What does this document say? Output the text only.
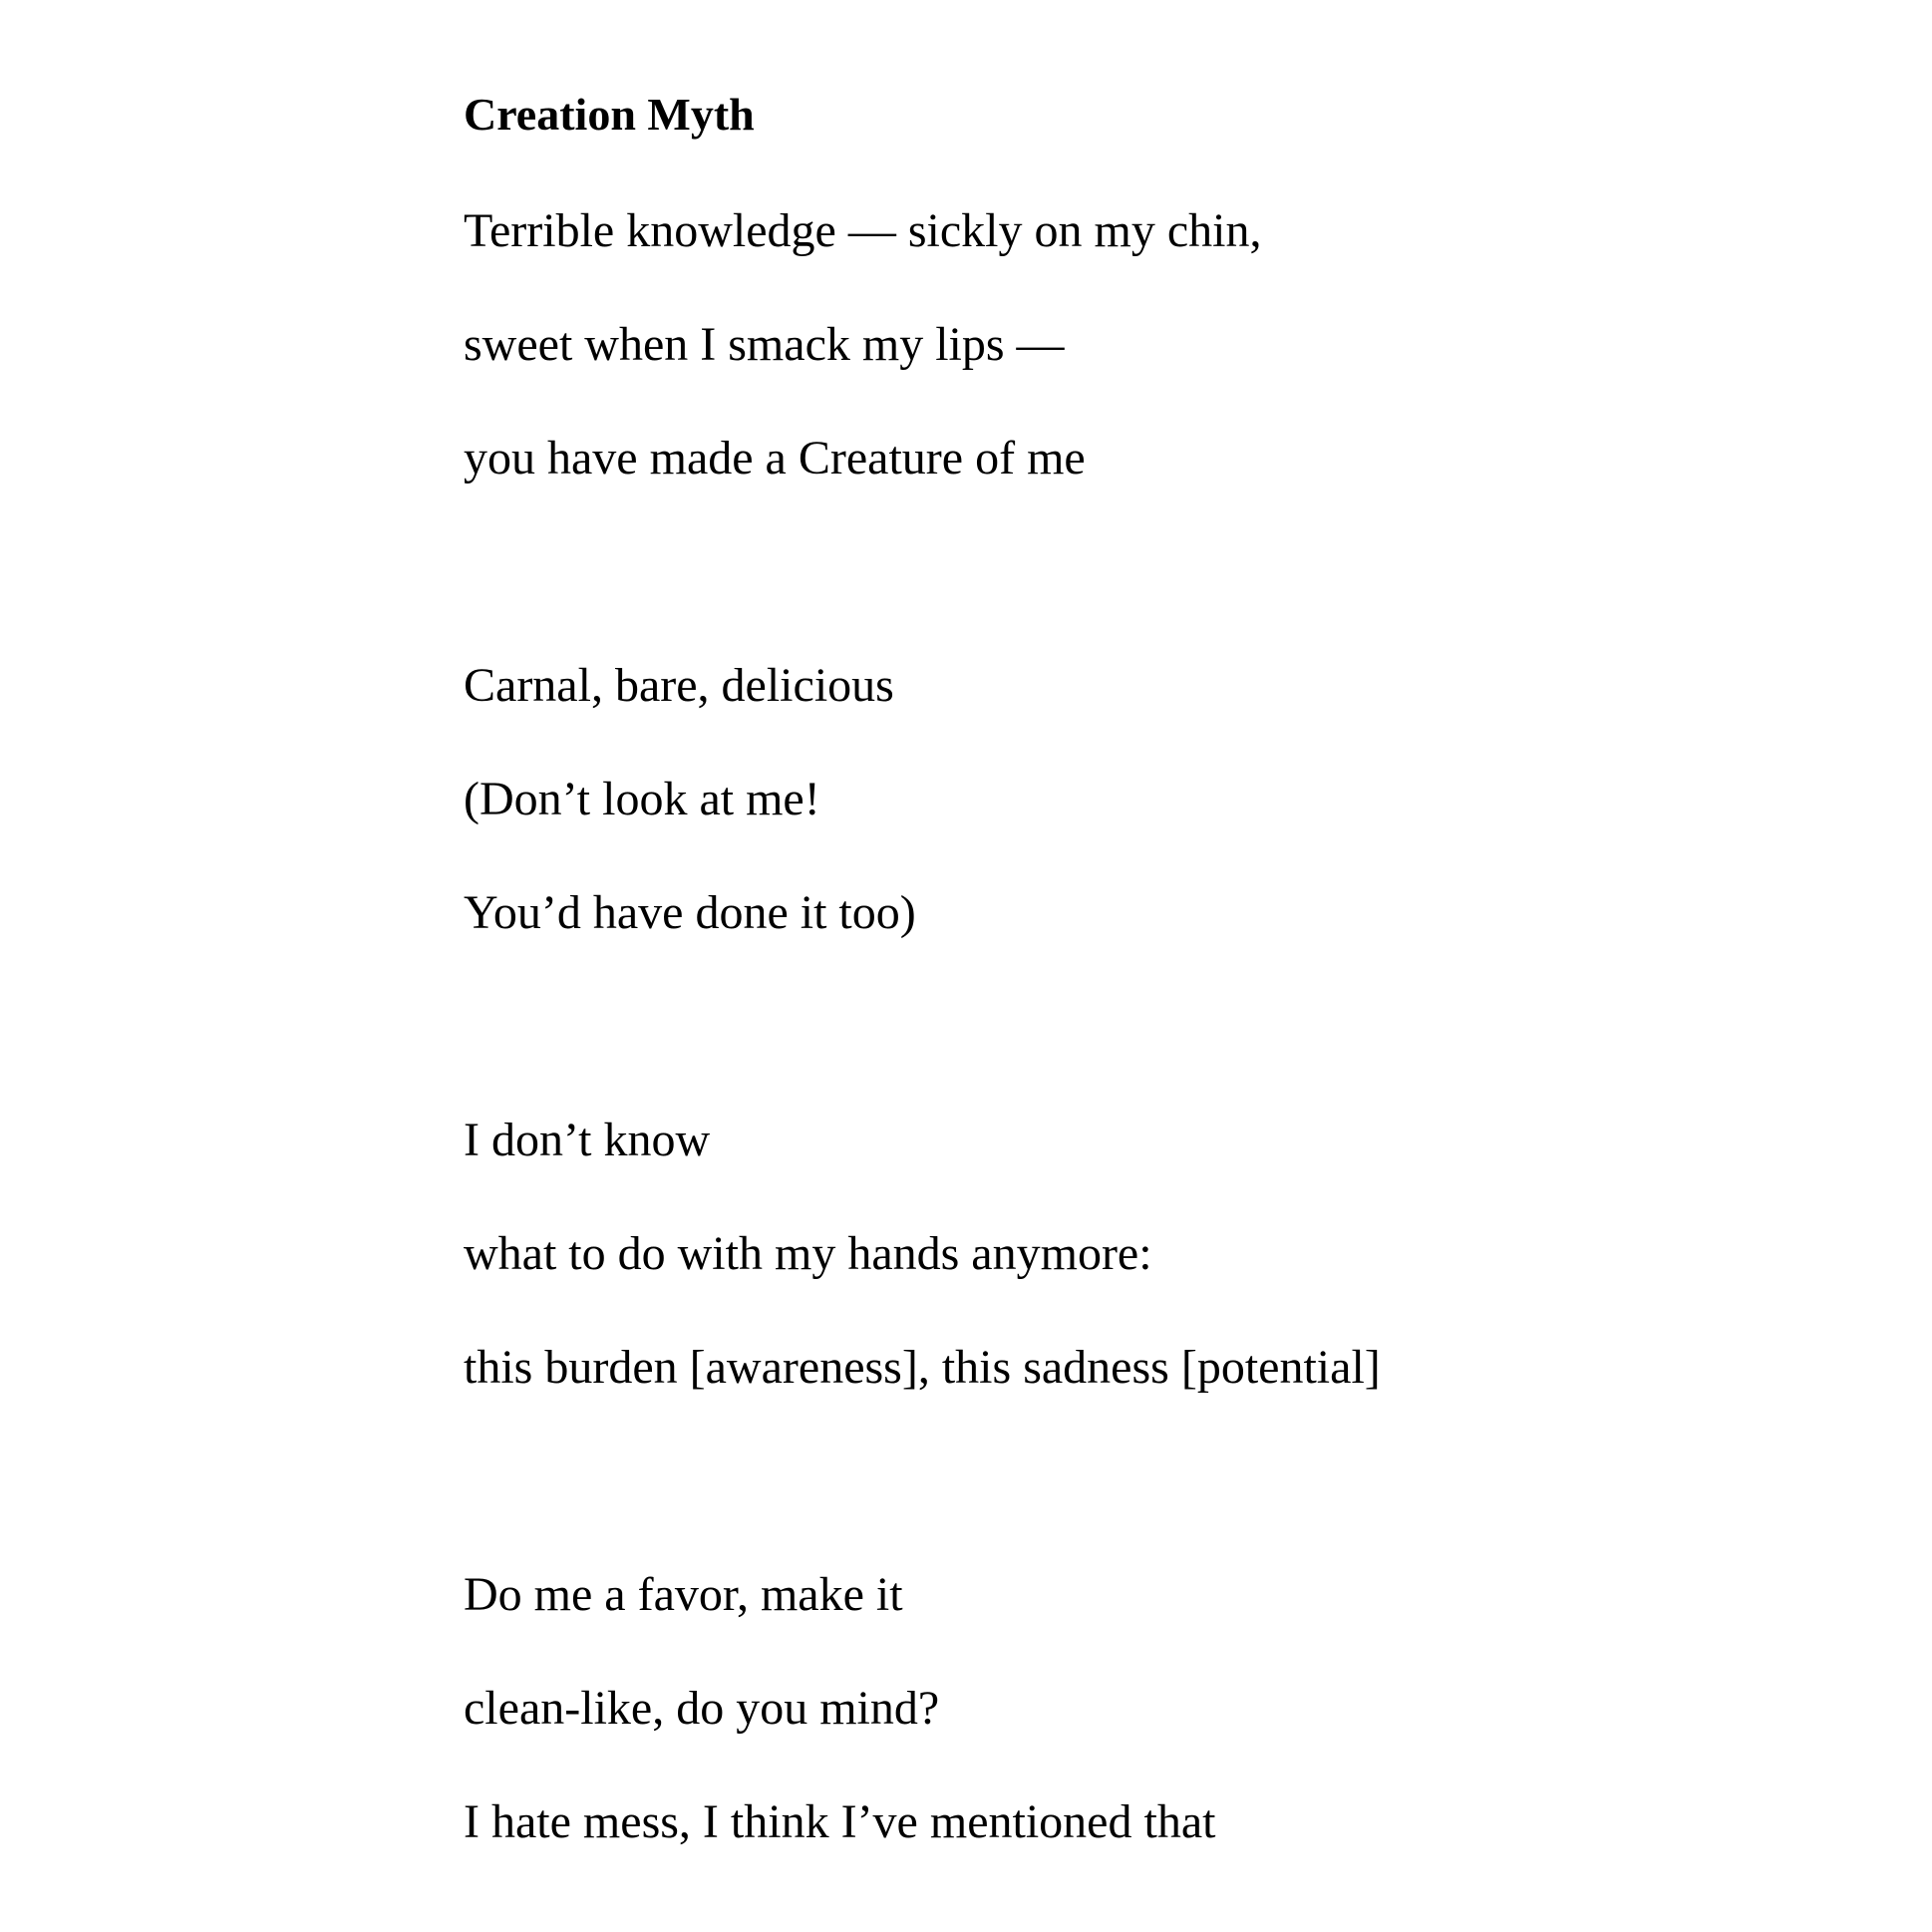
Creation Myth
Terrible knowledge — sickly on my chin,
sweet when I smack my lips —
you have made a Creature of me
Carnal, bare, delicious
(Don’t look at me!
You’d have done it too)
I don’t know
what to do with my hands anymore:
this burden [awareness], this sadness [potential]
Do me a favor, make it
clean-like, do you mind?
I hate mess, I think I’ve mentioned that
